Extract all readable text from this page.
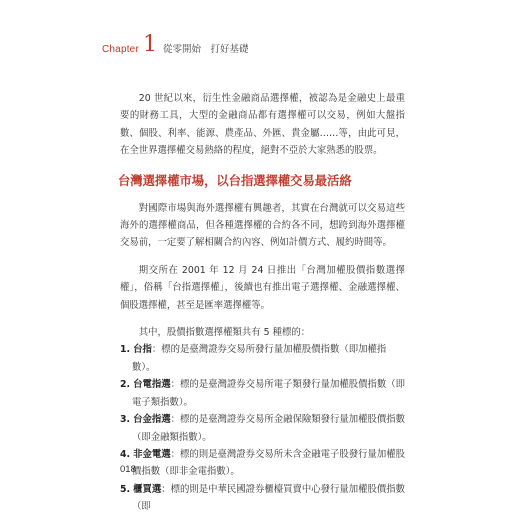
Chapter 1 從零開始　打好基礎

20 世紀以來，衍生性金融商品選擇權，被認為是金融史上最重要的財務工具，大型的金融商品都有選擇權可以交易，例如大盤指數、個股、利率、能源、農產品、外匯、貴金屬……等，由此可見，在全世界選擇權交易熱絡的程度，絕對不亞於大家熟悉的股票。

台灣選擇權市場，以台指選擇權交易最活絡

對國際市場與海外選擇權有興趣者，其實在台灣就可以交易這些海外的選擇權商品，但各種選擇權的合約各不同，想跨到海外選擇權交易前，一定要了解相關合約內容、例如計價方式、履約時間等。

期交所在 2001 年 12 月 24 日推出「台灣加權股價指數選擇權」，俗稱「台指選擇權」，後續也有推出電子選擇權、金融選擇權、個股選擇權，甚至是匯率選擇權等。

其中，股價指數選擇權類共有 5 種標的：

1. 台指：標的是臺灣證券交易所發行量加權股價指數（即加權指數）。

2. 台電指選：標的是臺灣證券交易所電子類發行量加權股價指數（即電子類指數）。

3. 台金指選：標的是臺灣證券交易所金融保險類發行量加權股價指數（即金融類指數）。

4. 非金電選：標的則是臺灣證券交易所未含金融電子股發行量加權股價指數（即非金電指數）。

5. 櫃買選：標的則是中華民國證券櫃檯買賣中心發行量加權股價指數（即

018
